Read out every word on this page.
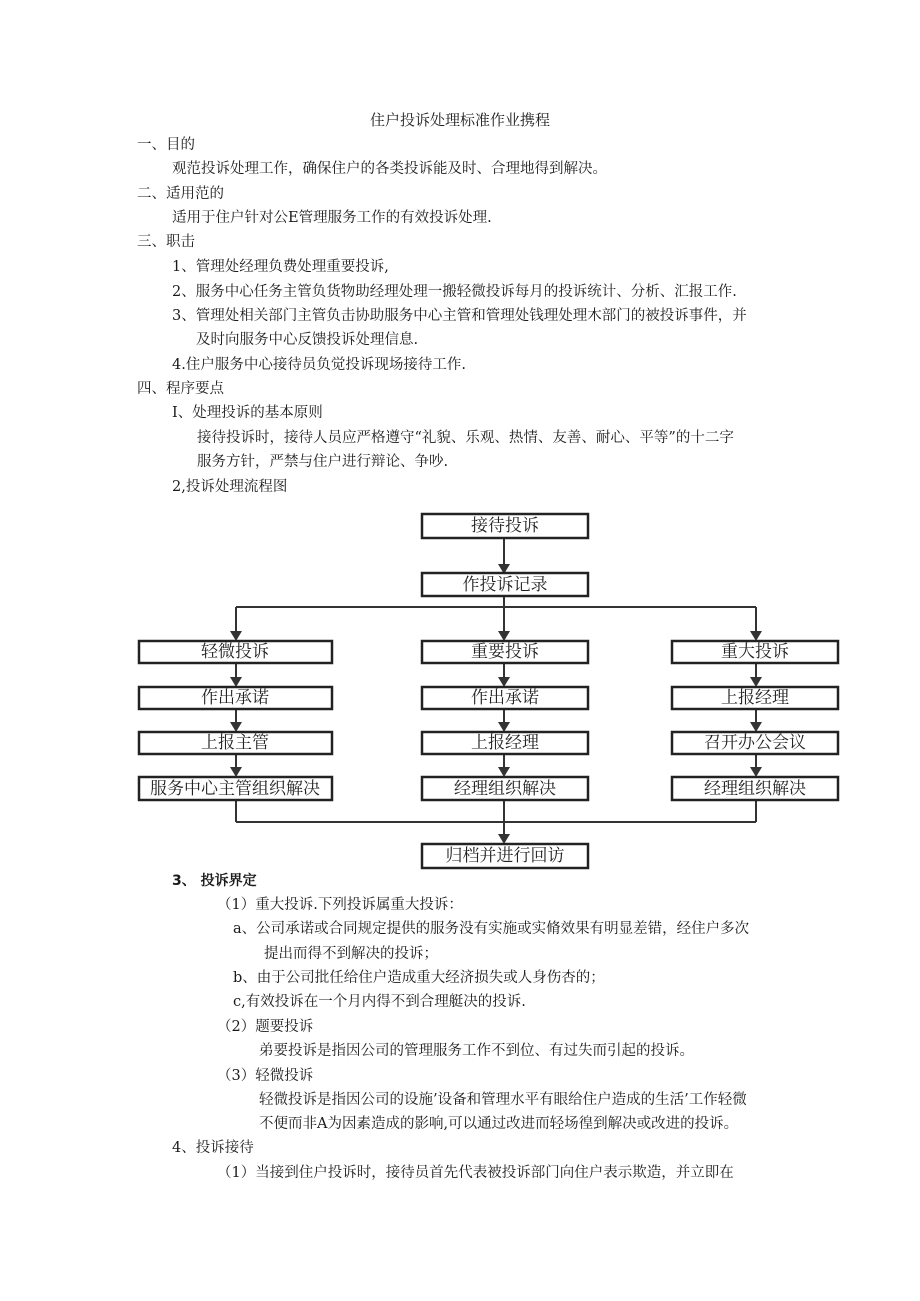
住户投诉处理标准作业携程
一、目的
观范投诉处理工作，确保住户的各类投诉能及时、合理地得到解决。
二、适用范的
适用于住户针对公E管理服务工作的有效投诉处理.
三、职击
1、管理处经理负费处理重要投诉,
2、服务中心任务主管负货物助经理处理一搬轻微投诉每月的投诉统计、分析、汇报工作.
3、管理处相关部门主管负击协助服务中心主管和管理处钱理处理木部门的被投诉事件，并
及时向服务中心反馈投诉处理信息.
4.住户服务中心接待员负觉投诉现场接待工作.
四、程序要点
Ⅰ、处理投诉的基本原则
接待投诉时，接待人员应严格遵守“礼貌、乐观、热情、友善、耐心、平等”的十二字
服务方针，严禁与住户进行辩论、争吵.
2,投诉处理流程图
接待投诉
作投诉记录
轻微投诉
作出承诺
上报主管
服务中心主管组织解决
重要投诉
作出承诺
上报经理
经理组织解决
重大投诉
上报经理
召开办公会议
经理组织解决
归档并进行回访
3、 投诉界定
（1）重大投诉.下列投诉属重大投诉：
a、公司承诺或合同规定提供的服务没有实施或实脩效果有明显差错，经住户多次
提出而得不到解决的投诉；
b、由于公司批任给住户造成重大经济损失或人身伤杏的；
c,有效投诉在一个月内得不到合理艇决的投诉.
（2）题要投诉
弟要投诉是指因公司的管理服务工作不到位、有过失而引起的投诉。
（3）轻微投诉
轻微投诉是指因公司的设施’设备和管理水平有眼给住户造成的生活’工作轻微
不便而非A为因素造成的影响,可以通过改进而轻场徨到解决或改进的投诉。
4、投诉接待
（1）当接到住户投诉时，接待员首先代表被投诉部门向住户表示欺造，并立即在
